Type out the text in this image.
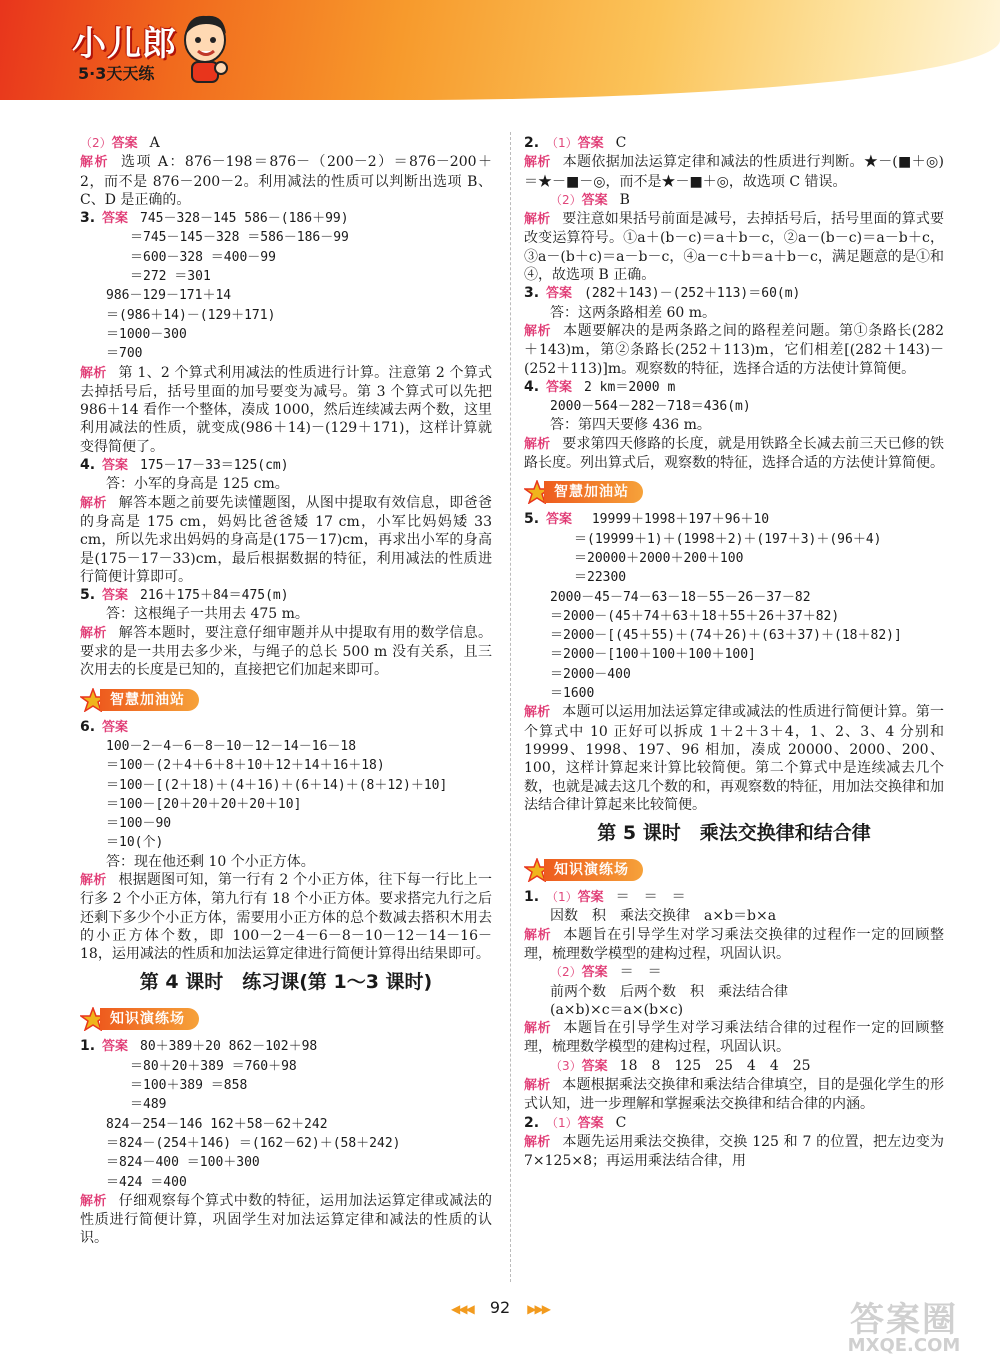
小儿郎
5·3天天练
（2）答案 A
解析 选项 A：876－198＝876－（200－2）＝876－200＋2，而不是 876－200－2。利用减法的性质可以判断出选项 B、C、D 是正确的。
3. 答案 745－328－145 586－(186＋99)
＝745－145－328 ＝586－186－99
＝600－328 ＝400－99
＝272 ＝301
986－129－171＋14
＝(986＋14)－(129＋171)
＝1000－300
＝700
解析 第 1、2 个算式利用减法的性质进行计算。注意第 2 个算式去掉括号后，括号里面的加号要变为减号。第 3 个算式可以先把 986＋14 看作一个整体，凑成 1000，然后连续减去两个数，这里利用减法的性质，就变成(986＋14)－(129＋171)，这样计算就变得简便了。
4. 答案 175－17－33＝125(cm)
答：小军的身高是 125 cm。
解析 解答本题之前要先读懂题图，从图中提取有效信息，即爸爸的身高是 175 cm，妈妈比爸爸矮 17 cm，小军比妈妈矮 33 cm，所以先求出妈妈的身高是(175－17)cm，再求出小军的身高是(175－17－33)cm，最后根据数据的特征，利用减法的性质进行简便计算即可。
5. 答案 216＋175＋84＝475(m)
答：这根绳子一共用去 475 m。
解析 解答本题时，要注意仔细审题并从中提取有用的数学信息。要求的是一共用去多少米，与绳子的总长 500 m 没有关系，且三次用去的长度是已知的，直接把它们加起来即可。
智慧加油站
6. 答案
100－2－4－6－8－10－12－14－16－18
＝100－(2＋4＋6＋8＋10＋12＋14＋16＋18)
＝100－[(2＋18)＋(4＋16)＋(6＋14)＋(8＋12)＋10]
＝100－[20＋20＋20＋20＋10]
＝100－90
＝10(个)
答：现在他还剩 10 个小正方体。
解析 根据题图可知，第一行有 2 个小正方体，往下每一行比上一行多 2 个小正方体，第九行有 18 个小正方体。要求搭完九行之后还剩下多少个小正方体，需要用小正方体的总个数减去搭积木用去的小正方体个数，即 100－2－4－6－8－10－12－14－16－18，运用减法的性质和加法运算定律进行简便计算得出结果即可。
第 4 课时　练习课(第 1～3 课时)
知识演练场
1. 答案 80＋389＋20 862－102＋98
＝80＋20＋389 ＝760＋98
＝100＋389 ＝858
＝489
824－254－146 162＋58－62＋242
＝824－(254＋146) ＝(162－62)＋(58＋242)
＝824－400 ＝100＋300
＝424 ＝400
解析 仔细观察每个算式中数的特征，运用加法运算定律或减法的性质进行简便计算，巩固学生对加法运算定律和减法的性质的认识。
2. （1）答案 C
解析 本题依据加法运算定律和减法的性质进行判断。★－(■＋◎)＝★－■－◎，而不是★－■＋◎，故选项 C 错误。
（2）答案 B
解析 要注意如果括号前面是减号，去掉括号后，括号里面的算式要改变运算符号。①a＋(b－c)＝a＋b－c，②a－(b－c)＝a－b＋c，③a－(b＋c)＝a－b－c，④a－c＋b＝a＋b－c，满足题意的是①和④，故选项 B 正确。
3. 答案 (282＋143)－(252＋113)＝60(m)
答：这两条路相差 60 m。
解析 本题要解决的是两条路之间的路程差问题。第①条路长(282＋143)m，第②条路长(252＋113)m，它们相差[(282＋143)－(252＋113)]m。观察数的特征，选择合适的方法使计算简便。
4. 答案 2 km＝2000 m
2000－564－282－718＝436(m)
答：第四天要修 436 m。
解析 要求第四天修路的长度，就是用铁路全长减去前三天已修的铁路长度。列出算式后，观察数的特征，选择合适的方法使计算简便。
智慧加油站
5. 答案 19999＋1998＋197＋96＋10
＝(19999＋1)＋(1998＋2)＋(197＋3)＋(96＋4)
＝20000＋2000＋200＋100
＝22300
2000－45－74－63－18－55－26－37－82
＝2000－(45＋74＋63＋18＋55＋26＋37＋82)
＝2000－[(45＋55)＋(74＋26)＋(63＋37)＋(18＋82)]
＝2000－[100＋100＋100＋100]
＝2000－400
＝1600
解析 本题可以运用加法运算定律或减法的性质进行简便计算。第一个算式中 10 正好可以拆成 1＋2＋3＋4，1、2、3、4 分别和 19999、1998、197、96 相加，凑成 20000、2000、200、100，这样计算起来计算比较简便。第二个算式中是连续减去几个数，也就是减去这几个数的和，再观察数的特征，用加法交换律和加法结合律计算起来比较简便。
第 5 课时　乘法交换律和结合律
知识演练场
1. （1）答案 ＝　＝　＝
因数　积　乘法交换律　a×b＝b×a
解析 本题旨在引导学生对学习乘法交换律的过程作一定的回顾整理，梳理数学模型的建构过程，巩固认识。
（2）答案 ＝　＝
前两个数　后两个数　积　乘法结合律
(a×b)×c＝a×(b×c)
解析 本题旨在引导学生对学习乘法结合律的过程作一定的回顾整理，梳理数学模型的建构过程，巩固认识。
（3）答案 18　8　125　25　4　4　25
解析 本题根据乘法交换律和乘法结合律填空，目的是强化学生的形式认知，进一步理解和掌握乘法交换律和结合律的内涵。
2. （1）答案 C
解析 本题先运用乘法交换律，交换 125 和 7 的位置，把左边变为 7×125×8；再运用乘法结合律，用
◀◀◀ 92 ▶▶▶	答案圈
MXQE.COM
